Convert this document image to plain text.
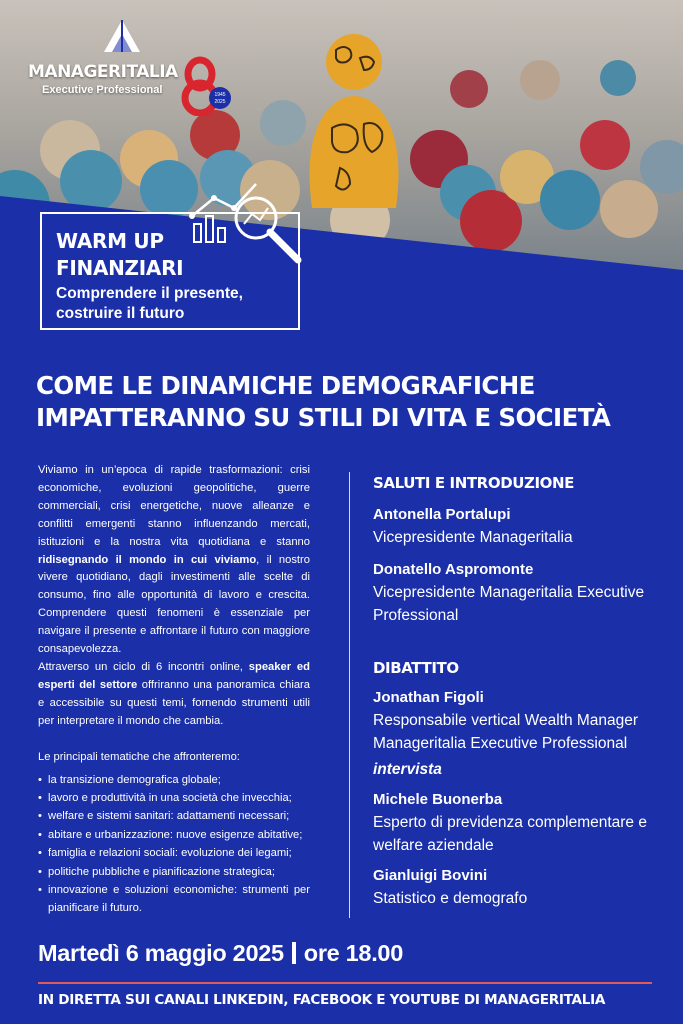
MANAGERITALIA
Executive Professional	1945
2025
WARM UP
FINANZIARI
Comprendere il presente,
costruire il futuro
COME LE DINAMICHE DEMOGRAFICHE
IMPATTERANNO SU STILI DI VITA E SOCIETÀ

Viviamo in un’epoca di rapide trasformazioni: crisi economiche, evoluzioni geopolitiche, guerre commerciali, crisi energetiche, nuove alleanze e conflitti emergenti stanno influenzando mercati, istituzioni e la nostra vita quotidiana e stanno ridisegnando il mondo in cui viviamo, il nostro vivere quotidiano, dagli investimenti alle scelte di consumo, fino alle opportunità di lavoro e crescita. Comprendere questi fenomeni è essenziale per navigare il presente e affrontare il futuro con maggiore consapevolezza.

Attraverso un ciclo di 6 incontri online, speaker ed esperti del settore offriranno una panoramica chiara e accessibile su questi temi, fornendo strumenti utili per interpretare il mondo che cambia.

Le principali tematiche che affronteremo:

• la transizione demografica globale;
• lavoro e produttività in una società che invecchia;
• welfare e sistemi sanitari: adattamenti necessari;
• abitare e urbanizzazione: nuove esigenze abitative;
• famiglia e relazioni sociali: evoluzione dei legami;
• politiche pubbliche e pianificazione strategica;
• innovazione e soluzioni economiche: strumenti per pianificare il futuro.
SALUTI E INTRODUZIONE
Antonella Portalupi
Vicepresidente Manageritalia
Donatello Aspromonte
Vicepresidente Manageritalia Executive Professional
DIBATTITO
Jonathan Figoli
Responsabile vertical Wealth Manager Manageritalia Executive Professional
intervista
Michele Buonerba
Esperto di previdenza complementare e welfare aziendale
Gianluigi Bovini
Statistico e demografo
Martedì 6 maggio 2025 ore 18.00
IN DIRETTA SUI CANALI LINKEDIN, FACEBOOK E YOUTUBE DI MANAGERITALIA
